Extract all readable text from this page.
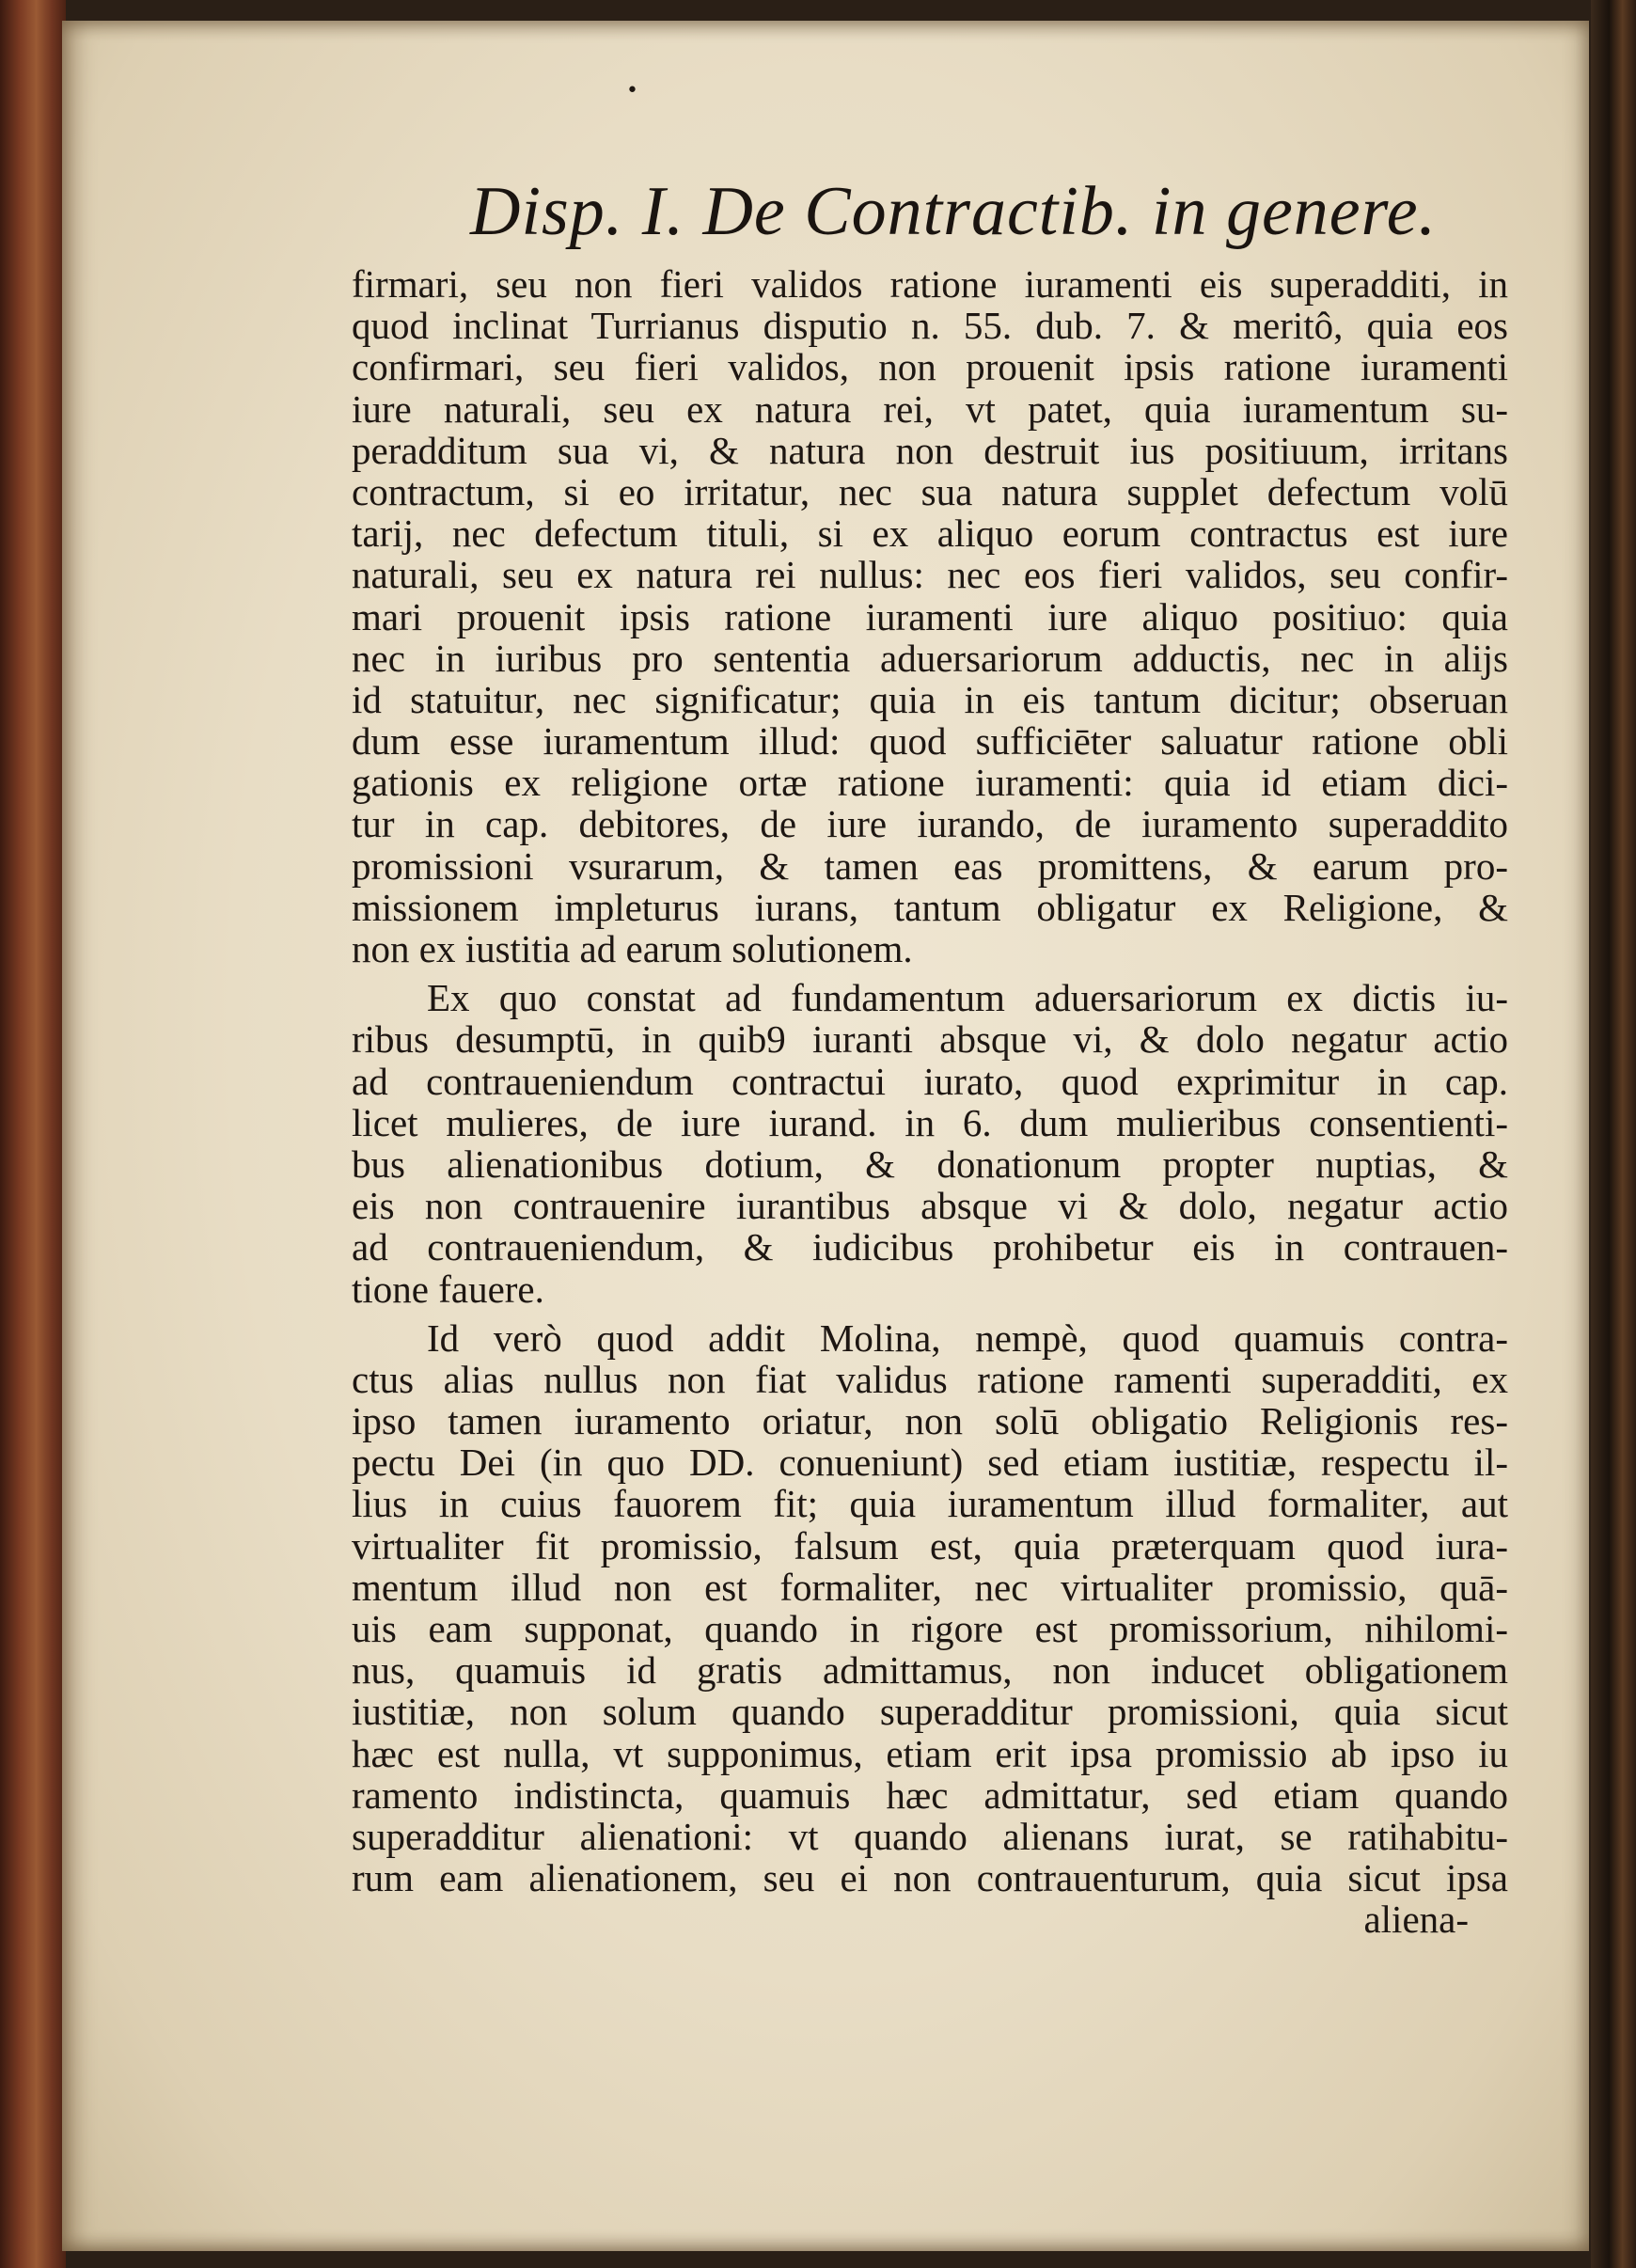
•
Disp. I. De Contractib. in genere.
firmari, seu non fieri validos ratione iuramenti eis superadditi, in
quod inclinat Turrianus disputio n. 55. dub. 7. & meritô, quia eos
confirmari, seu fieri validos, non prouenit ipsis ratione iuramenti
iure naturali, seu ex natura rei, vt patet, quia iuramentum su-
peradditum sua vi, & natura non destruit ius positiuum, irritans
contractum, si eo irritatur, nec sua natura supplet defectum volū
tarij, nec defectum tituli, si ex aliquo eorum contractus est iure
naturali, seu ex natura rei nullus: nec eos fieri validos, seu confir-
mari prouenit ipsis ratione iuramenti iure aliquo positiuo: quia
nec in iuribus pro sententia aduersariorum adductis, nec in alijs
id statuitur, nec significatur; quia in eis tantum dicitur; obseruan
dum esse iuramentum illud: quod sufficiēter saluatur ratione obli
gationis ex religione ortæ ratione iuramenti: quia id etiam dici-
tur in cap. debitores, de iure iurando, de iuramento superaddito
promissioni vsurarum, & tamen eas promittens, & earum pro-
missionem impleturus iurans, tantum obligatur ex Religione, &
non ex iustitia ad earum solutionem.
Ex quo constat ad fundamentum aduersariorum ex dictis iu-
ribus desumptū, in quib9 iuranti absque vi, & dolo negatur actio
ad contraueniendum contractui iurato, quod exprimitur in cap.
licet mulieres, de iure iurand. in 6. dum mulieribus consentienti-
bus alienationibus dotium, & donationum propter nuptias, &
eis non contrauenire iurantibus absque vi & dolo, negatur actio
ad contraueniendum, & iudicibus prohibetur eis in contrauen-
tione fauere.
Id verò quod addit Molina, nempè, quod quamuis contra-
ctus alias nullus non fiat validus ratione ramenti superadditi, ex
ipso tamen iuramento oriatur, non solū obligatio Religionis res-
pectu Dei (in quo DD. conueniunt) sed etiam iustitiæ, respectu il-
lius in cuius fauorem fit; quia iuramentum illud formaliter, aut
virtualiter fit promissio, falsum est, quia præterquam quod iura-
mentum illud non est formaliter, nec virtualiter promissio, quā-
uis eam supponat, quando in rigore est promissorium, nihilomi-
nus, quamuis id gratis admittamus, non inducet obligationem
iustitiæ, non solum quando superadditur promissioni, quia sicut
hæc est nulla, vt supponimus, etiam erit ipsa promissio ab ipso iu
ramento indistincta, quamuis hæc admittatur, sed etiam quando
superadditur alienationi: vt quando alienans iurat, se ratihabitu-
rum eam alienationem, seu ei non contrauenturum, quia sicut ipsa
aliena-
